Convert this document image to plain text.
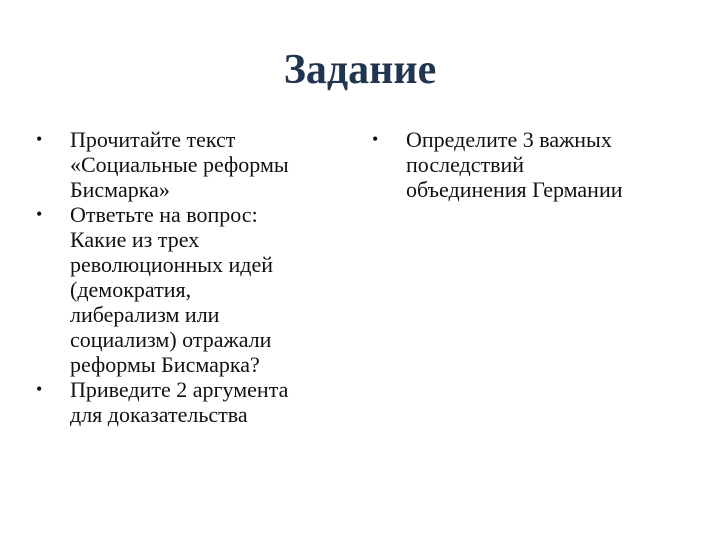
Задание
•	Прочитайте текст
«Социальные реформы
Бисмарка»
•	Ответьте на вопрос:
Какие из трех
революционных идей
(демократия,
либерализм или
социализм) отражали
реформы Бисмарка?
•	Приведите 2 аргумента
для доказательства
•	Определите 3 важных
последствий
объединения Германии
